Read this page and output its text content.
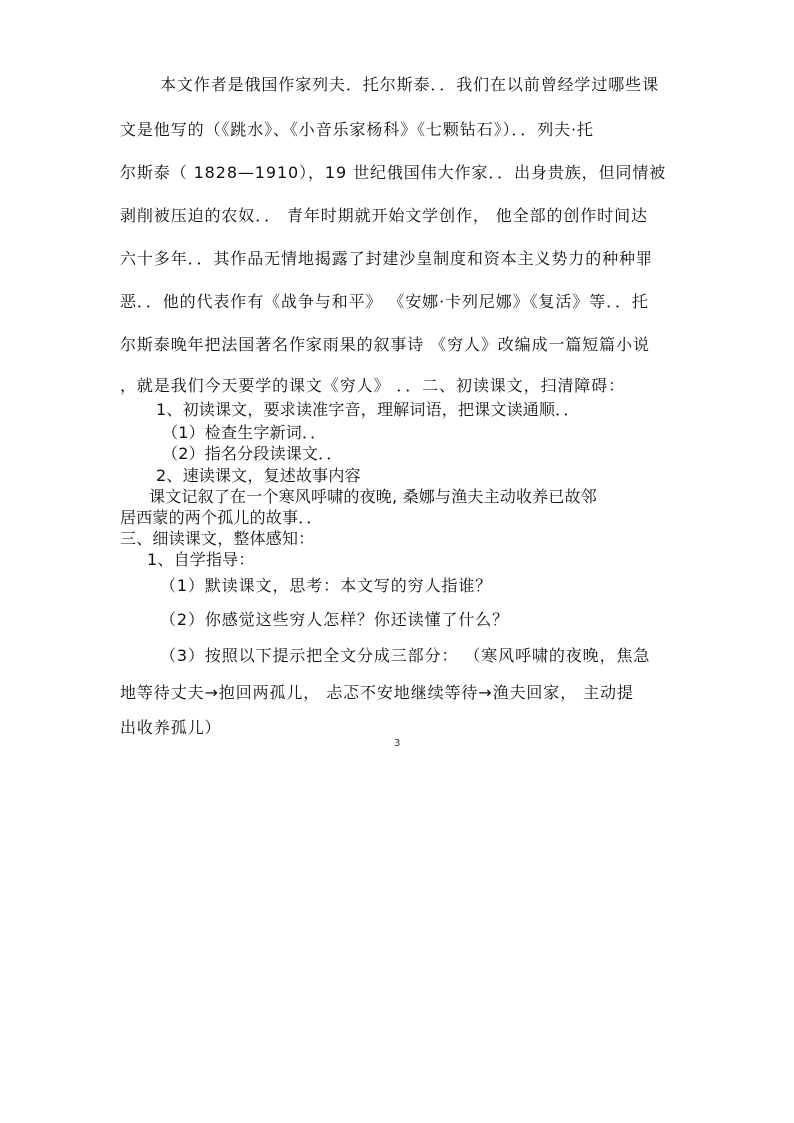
本文作者是俄国作家列夫．托尔斯泰．．我们在以前曾经学过哪些课
文是他写的（《跳水》、《小音乐家杨科》《七颗钻石》）．．列夫·托
尔斯泰（ 1828—1910），19 世纪俄国伟大作家．．出身贵族，但同情被
剥削被压迫的农奴．． 青年时期就开始文学创作， 他全部的创作时间达
六十多年．．其作品无情地揭露了封建沙皇制度和资本主义势力的种种罪
恶．．他的代表作有《战争与和平》 《安娜·卡列尼娜》《复活》等．．托
尔斯泰晚年把法国著名作家雨果的叙事诗 《穷人》改编成一篇短篇小说
，就是我们今天要学的课文《穷人》 ．．二、初读课文，扫清障碍：
1、初读课文，要求读准字音，理解词语，把课文读通顺．．
（1）检查生字新词．．
（2）指名分段读课文．．
2、速读课文，复述故事内容
课文记叙了在一个寒风呼啸的夜晚, 桑娜与渔夫主动收养已故邻
居西蒙的两个孤儿的故事．．
三、细读课文，整体感知：
1、自学指导：
（1）默读课文，思考：本文写的穷人指谁？
（2）你感觉这些穷人怎样？你还读懂了什么？
（3）按照以下提示把全文分成三部分： （寒风呼啸的夜晚，焦急
地等待丈夫→抱回两孤儿， 忐忑不安地继续等待→渔夫回家， 主动提
出收养孤儿）
3
